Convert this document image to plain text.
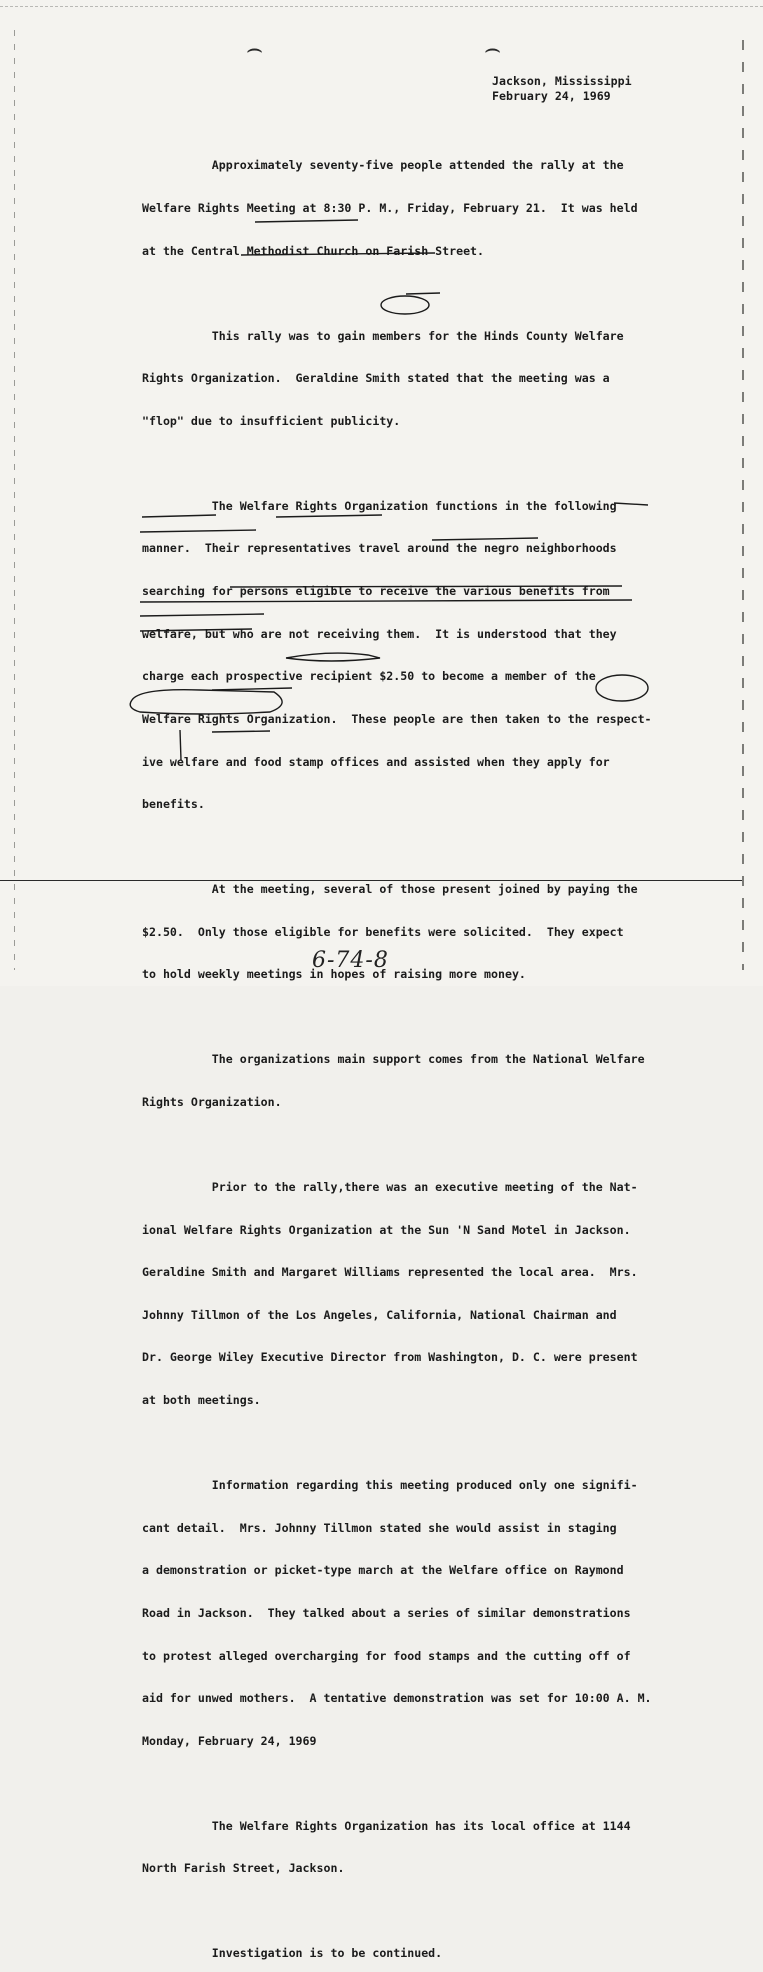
⌢	⌢
Jackson, Mississippi
February 24, 1969

Approximately seventy-five people attended the rally at the

Welfare Rights Meeting at 8:30 P. M., Friday, February 21.  It was held

at the Central Methodist Church on Farish Street.

This rally was to gain members for the Hinds County Welfare

Rights Organization.  Geraldine Smith stated that the meeting was a

"flop" due to insufficient publicity.

The Welfare Rights Organization functions in the following

manner.  Their representatives travel around the negro neighborhoods

searching for persons eligible to receive the various benefits from

welfare, but who are not receiving them.  It is understood that they

charge each prospective recipient $2.50 to become a member of the

Welfare Rights Organization.  These people are then taken to the respect-

ive welfare and food stamp offices and assisted when they apply for

benefits.

At the meeting, several of those present joined by paying the

$2.50.  Only those eligible for benefits were solicited.  They expect

to hold weekly meetings in hopes of raising more money.

The organizations main support comes from the National Welfare

Rights Organization.

Prior to the rally,there was an executive meeting of the Nat-

ional Welfare Rights Organization at the Sun 'N Sand Motel in Jackson.

Geraldine Smith and Margaret Williams represented the local area.  Mrs.

Johnny Tillmon of the Los Angeles, California, National Chairman and

Dr. George Wiley Executive Director from Washington, D. C. were present

at both meetings.

Information regarding this meeting produced only one signifi-

cant detail.  Mrs. Johnny Tillmon stated she would assist in staging

a demonstration or picket-type march at the Welfare office on Raymond

Road in Jackson.  They talked about a series of similar demonstrations

to protest alleged overcharging for food stamps and the cutting off of

aid for unwed mothers.  A tentative demonstration was set for 10:00 A. M.

Monday, February 24, 1969

The Welfare Rights Organization has its local office at 1144

North Farish Street, Jackson.

Investigation is to be continued.

6-74-8
